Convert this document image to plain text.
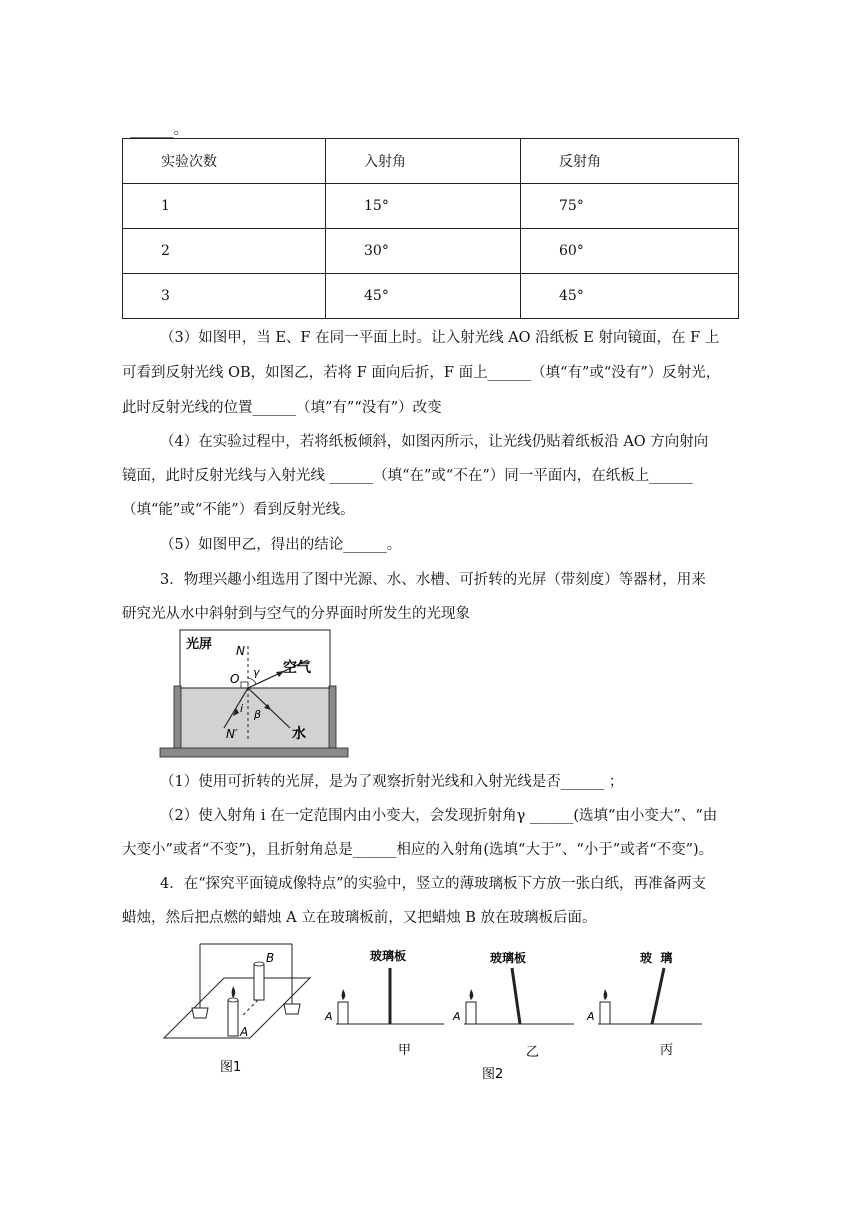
______。
实验次数	入射角	反射角
1	15°	75°
2	30°	60°
3	45°	45°
（3）如图甲，当 E、F 在同一平面上时。让入射光线 AO 沿纸板 E 射向镜面，在 F 上
可看到反射光线 OB，如图乙，若将 F 面向后折，F 面上______（填“有”或“没有”）反射光，
此时反射光线的位置______（填”有”“没有”）改变
（4）在实验过程中，若将纸板倾斜，如图丙所示，让光线仍贴着纸板沿 AO 方向射向
镜面，此时反射光线与入射光线 ______（填“在”或“不在”）同一平面内，在纸板上______
（填“能”或“不能”）看到反射光线。
（5）如图甲乙，得出的结论______。
3．物理兴趣小组选用了图中光源、水、水槽、可折转的光屏（带刻度）等器材，用来
研究光从水中斜射到与空气的分界面时所发生的光现象
光屏
空气
水
N
N′
O γ
i β
（1）使用可折转的光屏，是为了观察折射光线和入射光线是否______ ；
（2）使入射角 i 在一定范围内由小变大，会发现折射角γ ______(选填“由小变大”、“由
大变小”或者“不变”)，且折射角总是______相应的入射角(选填“大于”、“小于”或者“不变”)。
4．在“探究平面镜成像特点”的实验中，竖立的薄玻璃板下方放一张白纸，再准备两支
蜡烛，然后把点燃的蜡烛 A 立在玻璃板前，又把蜡烛 B 放在玻璃板后面。
B
A
图1
玻璃板
A
甲
玻璃板
A
乙
玻  璃
A
丙
图2
